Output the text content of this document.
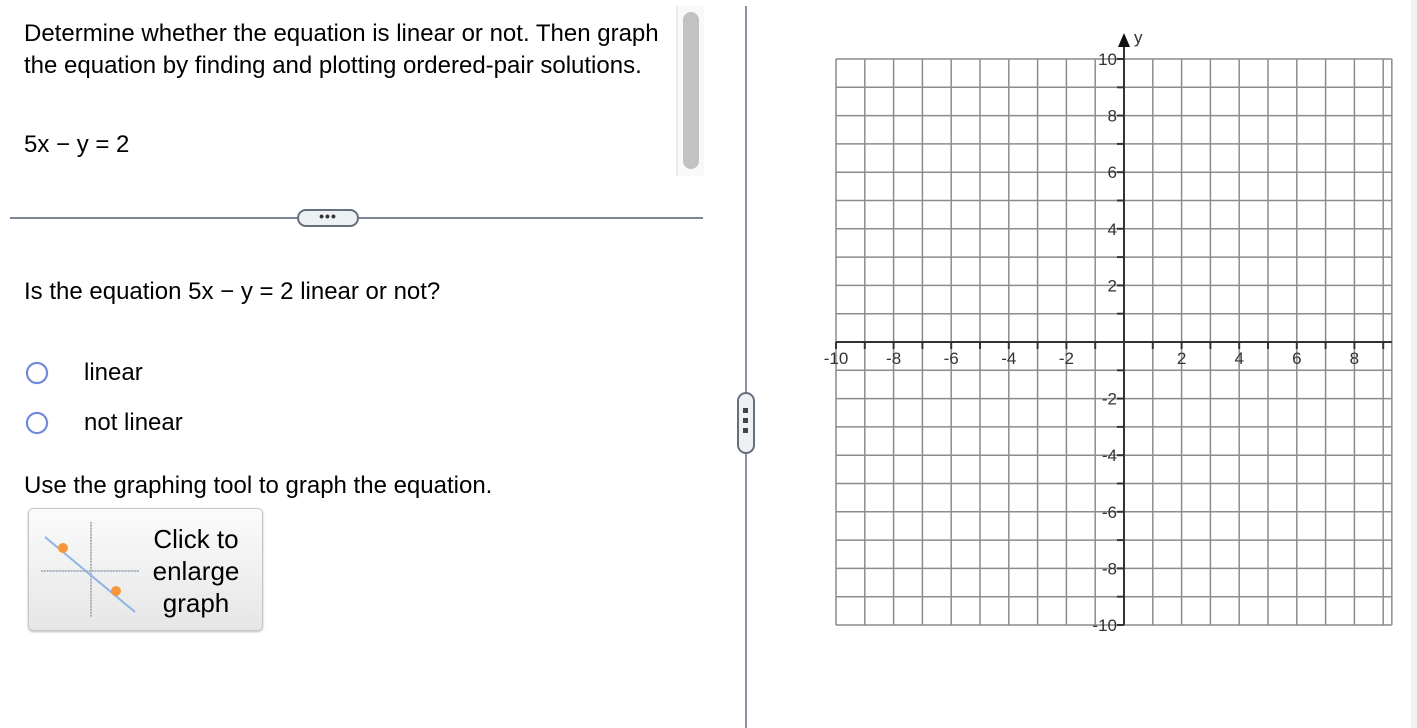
Determine whether the equation is linear or not. Then graph the equation by finding and plotting ordered-pair solutions.
5x − y = 2
•••
Is the equation 5x − y = 2 linear or not?
linear
not linear
Use the graphing tool to graph the equation.
Click to
enlarge
graph
-10 -8 -6 -4 -2	2	4	6	8
10
8
6
4
2
-2
-4
-6
-8
-10
y
